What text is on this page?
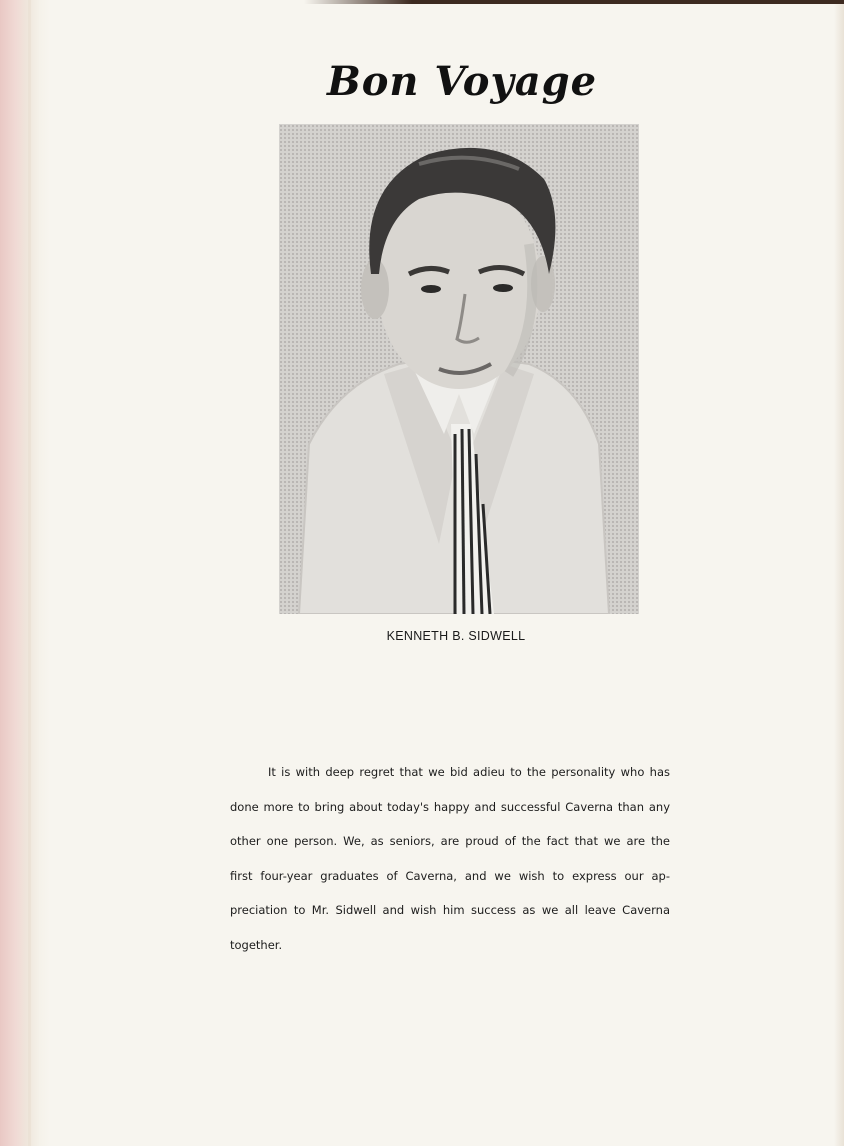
Bon Voyage
KENNETH B. SIDWELL
It is with deep regret that we bid adieu to the personality who has
done more to bring about today's happy and successful Caverna than any
other one person. We, as seniors, are proud of the fact that we are the
first four-year graduates of Caverna, and we wish to express our ap-
preciation to Mr. Sidwell and wish him success as we all leave Caverna
together.
